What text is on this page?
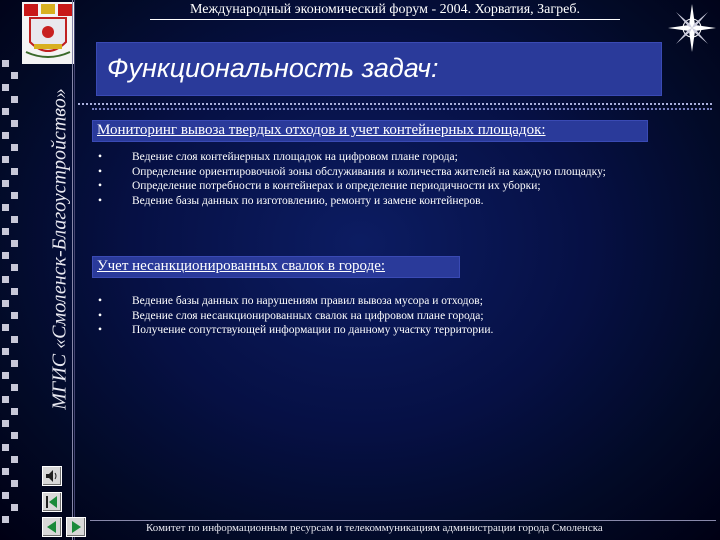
МГИС «Смоленск-Благоустройство»
Международный экономический форум - 2004. Хорватия, Загреб.
Функциональность задач:
Мониторинг вывоза твердых отходов и учет контейнерных площадок:
•	Ведение слоя контейнерных площадок на цифровом плане города;
•	Определение ориентировочной зоны обслуживания и количества жителей на каждую площадку;
•	Определение потребности в контейнерах и определение периодичности их уборки;
•	Ведение базы данных по изготовлению, ремонту и замене контейнеров.
Учет несанкционированных свалок в городе:
•	Ведение базы данных по нарушениям правил вывоза мусора и отходов;
•	Ведение слоя несанкционированных свалок на цифровом плане города;
•	Получение сопутствующей информации по данному участку территории.
Комитет по информационным ресурсам и телекоммуникациям администрации города Смоленска
